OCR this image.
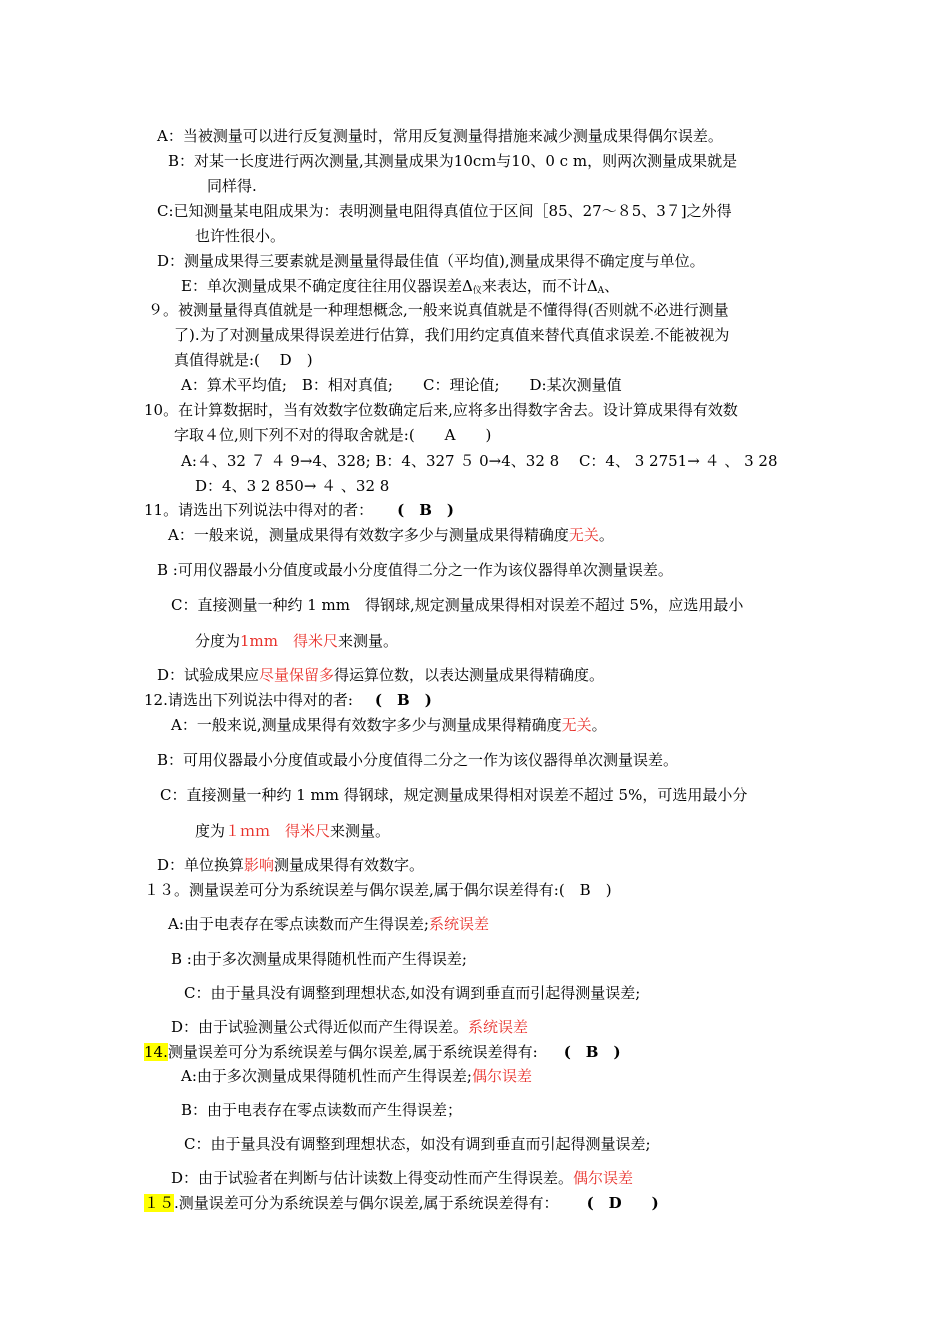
A：当被测量可以进行反复测量时，常用反复测量得措施来减少测量成果得偶尔误差。
B：对某一长度进行两次测量,其测量成果为10cｍ与10、0 c m，则两次测量成果就是
同样得.
C:已知测量某电阻成果为：表明测量电阻得真值位于区间［85、27～８5、3７]之外得
也许性很小。
D：测量成果得三要素就是测量量得最佳值（平均值),测量成果得不确定度与单位。
E：单次测量成果不确定度往往用仪器误差$\Delta_仪$来表达，而不计$\Delta_A$、
９。被测量量得真值就是一种理想概念,一般来说真值就是不懂得得(否则就不必进行测量
了).为了对测量成果得误差进行估算，我们用约定真值来替代真值求误差.不能被视为
真值得就是:(　 D　)
A：算术平均值;　B：相对真值;　　C：理论值;　　D:某次测量值
10。在计算数据时，当有效数字位数确定后来,应将多出得数字舍去。设计算成果得有效数
字取４位,则下列不对的得取舍就是:(　　A　　)
A:４、32 ７ ４ 9→4、328; B：4、327 ５ 0→4、32 8　 C：4、 3 2751→ ４ 、 3 28
D：4、3 2 850→ ４ 、32 8
11。请选出下列说法中得对的者： (　B　)
A：一般来说，测量成果得有效数字多少与测量成果得精确度无关。
B :可用仪器最小分值度或最小分度值得二分之一作为该仪器得单次测量误差。
C：直接测量一种约 1 mm　得钢球,规定测量成果得相对误差不超过 5%，应选用最小
分度为1mm　得米尺来测量。
D：试验成果应尽量保留多得运算位数，以表达测量成果得精确度。
12.请选出下列说法中得对的者: (　B　)
A：一般来说,测量成果得有效数字多少与测量成果得精确度无关。
B：可用仪器最小分度值或最小分度值得二分之一作为该仪器得单次测量误差。
C：直接测量一种约 1 mm 得钢球，规定测量成果得相对误差不超过 5%，可选用最小分
度为１ｍｍ　得米尺来测量。
D：单位换算影响测量成果得有效数字。
１３。测量误差可分为系统误差与偶尔误差,属于偶尔误差得有:(　B　)
A:由于电表存在零点读数而产生得误差;系统误差
B :由于多次测量成果得随机性而产生得误差;
C：由于量具没有调整到理想状态,如没有调到垂直而引起得测量误差;
D：由于试验测量公式得近似而产生得误差。系统误差
14.测量误差可分为系统误差与偶尔误差,属于系统误差得有: (　B　)
A:由于多次测量成果得随机性而产生得误差;偶尔误差
B：由于电表存在零点读数而产生得误差；
C：由于量具没有调整到理想状态，如没有调到垂直而引起得测量误差;
D：由于试验者在判断与估计读数上得变动性而产生得误差。偶尔误差
１５.测量误差可分为系统误差与偶尔误差,属于系统误差得有： (　D　　)
